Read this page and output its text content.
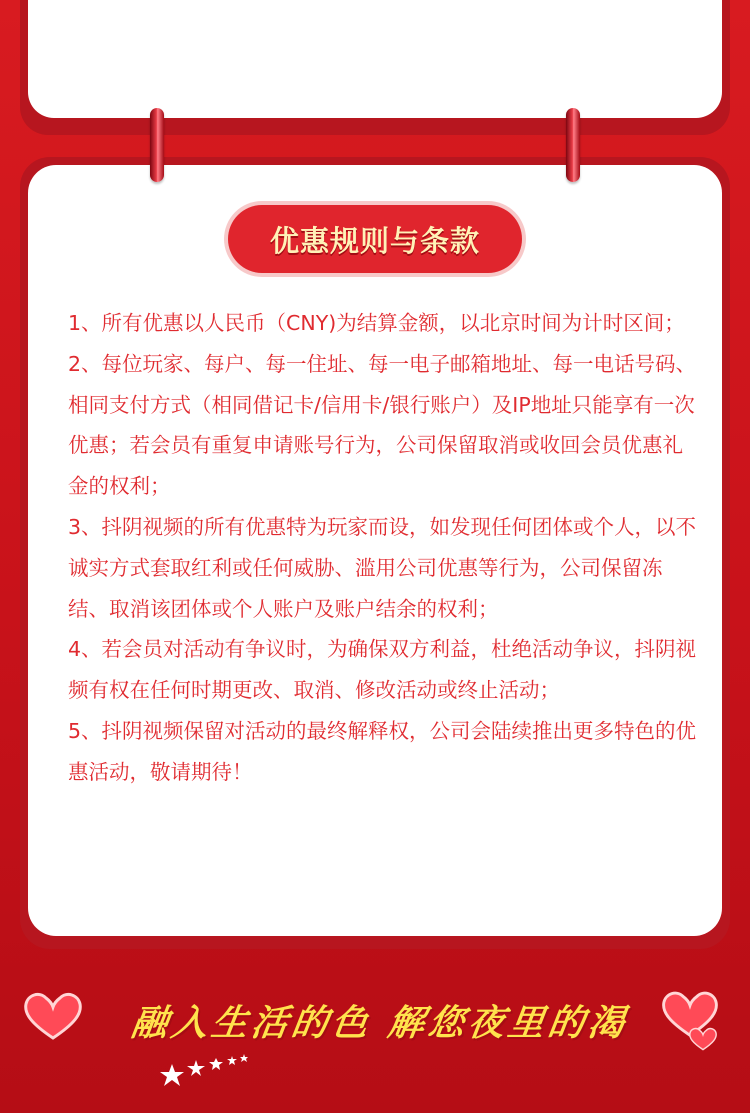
优惠规则与条款

1、所有优惠以人民币（CNY)为结算金额，以北京时间为计时区间；

2、每位玩家、每户、每一住址、每一电子邮箱地址、每一电话号码、相同支付方式（相同借记卡/信用卡/银行账户）及IP地址只能享有一次优惠；若会员有重复申请账号行为，公司保留取消或收回会员优惠礼金的权利；

3、抖阴视频的所有优惠特为玩家而设，如发现任何团体或个人，以不诚实方式套取红利或任何威胁、滥用公司优惠等行为，公司保留冻结、取消该团体或个人账户及账户结余的权利；

4、若会员对活动有争议时，为确保双方利益，杜绝活动争议，抖阴视频有权在任何时期更改、取消、修改活动或终止活动；

5、抖阴视频保留对活动的最终解释权，公司会陆续推出更多特色的优惠活动，敬请期待！

融入生活的色 解您夜里的渴
